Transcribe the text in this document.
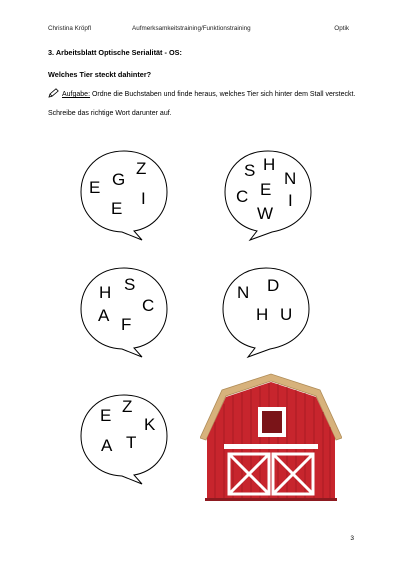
Christina Kröpfl	Aufmerksamkeitstraining/Funktionstraining	Optik
3. Arbeitsblatt Optische Serialität - OS:
Welches Tier steckt dahinter?
Aufgabe: Ordne die Buchstaben und finde heraus, welches Tier sich hinter dem Stall versteckt.
Schreibe das richtige Wort darunter auf.
E G
Z
I
E
S H
N
C E
I
W
H S
C
A F
N D
H U
E Z
K
A T
3
